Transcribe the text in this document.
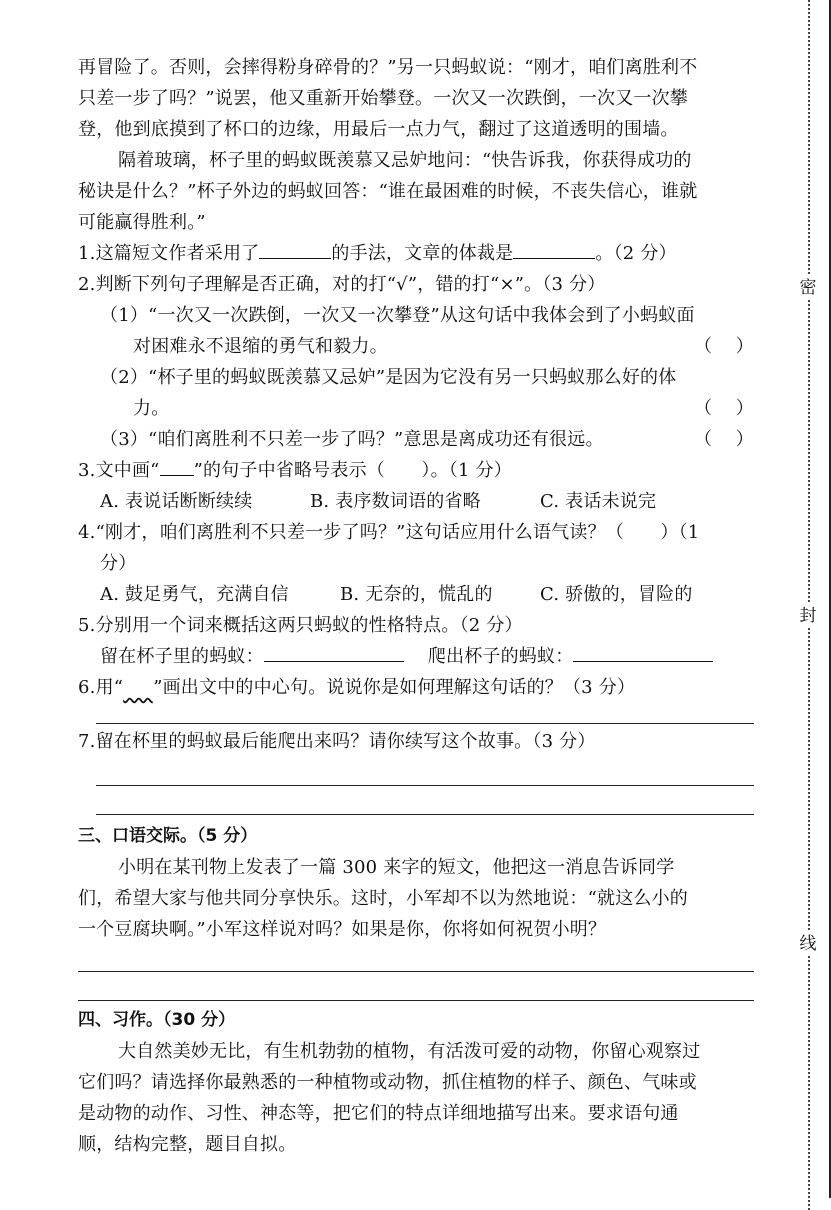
再冒险了。否则，会摔得粉身碎骨的？”另一只蚂蚁说：“刚才，咱们离胜利不
只差一步了吗？”说罢，他又重新开始攀登。一次又一次跌倒，一次又一次攀
登，他到底摸到了杯口的边缘，用最后一点力气，翻过了这道透明的围墙。
隔着玻璃，杯子里的蚂蚁既羡慕又忌妒地问：“快告诉我，你获得成功的
秘诀是什么？”杯子外边的蚂蚁回答：“谁在最困难的时候，不丧失信心，谁就
可能赢得胜利。”
1.这篇短文作者采用了	的手法，文章的体裁是	。（2 分）
2.判断下列句子理解是否正确，对的打“√”，错的打“×”。（3 分）
（1）“一次又一次跌倒，一次又一次攀登”从这句话中我体会到了小蚂蚁面
对困难永不退缩的勇气和毅力。	（ ）
（2）“杯子里的蚂蚁既羡慕又忌妒”是因为它没有另一只蚂蚁那么好的体
力。	（ ）
（3）“咱们离胜利不只差一步了吗？”意思是离成功还有很远。	（ ）
3.文中画“ ”的句子中省略号表示（　　）。（1 分）
A. 表说话断断续续	B. 表序数词语的省略	C. 表话未说完
4.“刚才，咱们离胜利不只差一步了吗？”这句话应用什么语气读？（　　）（1
分）
A. 鼓足勇气，充满自信	B. 无奈的，慌乱的	C. 骄傲的，冒险的
5.分别用一个词来概括这两只蚂蚁的性格特点。（2 分）
留在杯子里的蚂蚁：	爬出杯子的蚂蚁：
6.用“​     ”画出文中的中心句。说说你是如何理解这句话的？（3 分）
7.留在杯里的蚂蚁最后能爬出来吗？请你续写这个故事。（3 分）
三、口语交际。（5 分）
小明在某刊物上发表了一篇 300 来字的短文，他把这一消息告诉同学
们，希望大家与他共同分享快乐。这时，小军却不以为然地说：“就这么小的
一个豆腐块啊。”小军这样说对吗？如果是你，你将如何祝贺小明？
四、习作。（30 分）
大自然美妙无比，有生机勃勃的植物，有活泼可爱的动物，你留心观察过
它们吗？请选择你最熟悉的一种植物或动物，抓住植物的样子、颜色、气味或
是动物的动作、习性、神态等，把它们的特点详细地描写出来。要求语句通
顺，结构完整，题目自拟。
密
封
线
